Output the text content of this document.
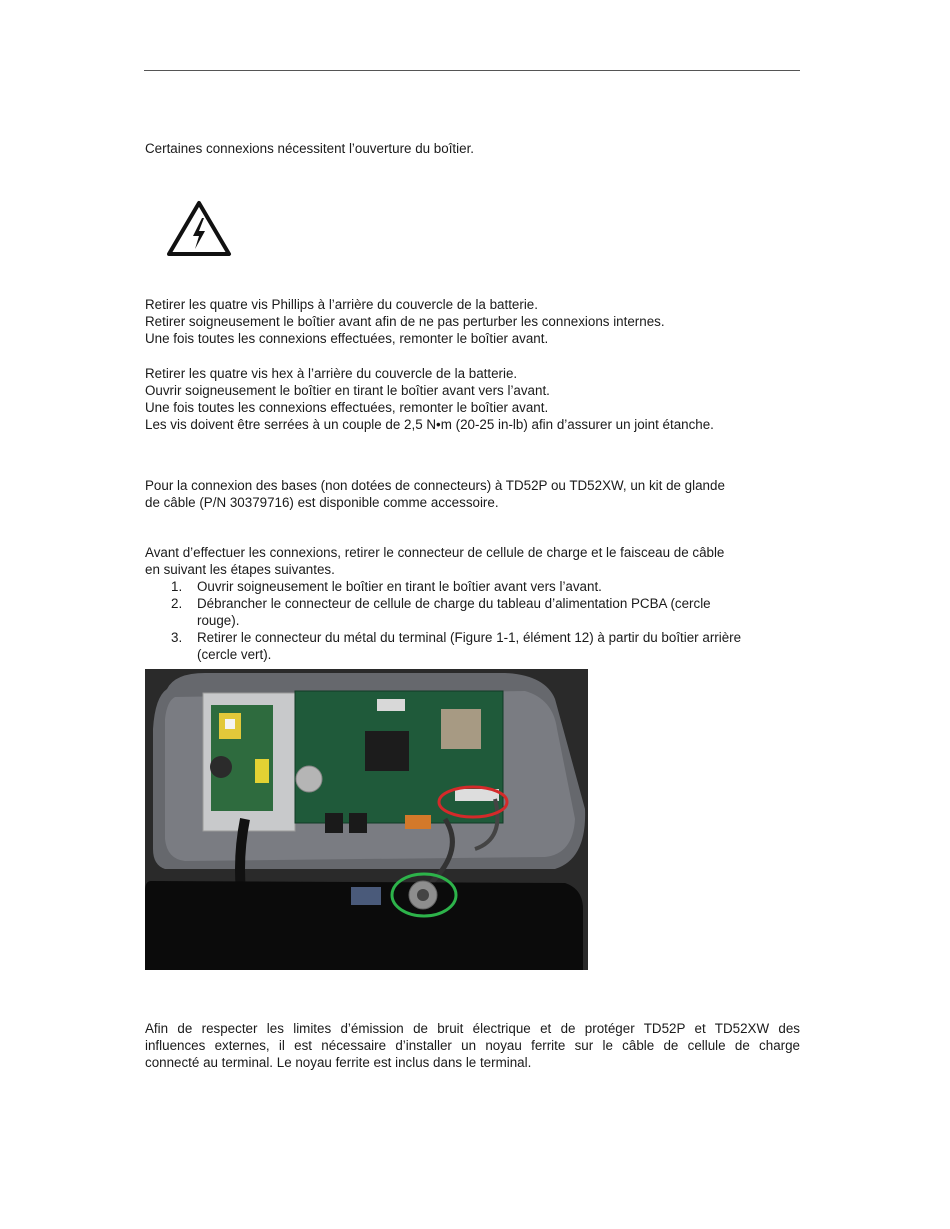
Certaines connexions nécessitent l’ouverture du boîtier.

Retirer les quatre vis Phillips à l’arrière du couvercle de la batterie.
Retirer soigneusement le boîtier avant afin de ne pas perturber les connexions internes.
Une fois toutes les connexions effectuées, remonter le boîtier avant.

Retirer les quatre vis hex à l’arrière du couvercle de la batterie.
Ouvrir soigneusement le boîtier en tirant le boîtier avant vers l’avant.
Une fois toutes les connexions effectuées, remonter le boîtier avant.
Les vis doivent être serrées à un couple de 2,5 N•m (20-25 in-lb) afin d’assurer un joint étanche.

Pour la connexion des bases (non dotées de connecteurs) à TD52P ou TD52XW, un kit de glande
de câble (P/N 30379716) est disponible comme accessoire.

Avant d’effectuer les connexions, retirer le connecteur de cellule de charge et le faisceau de câble
en suivant les étapes suivantes.

1. Ouvrir soigneusement le boîtier en tirant le boîtier avant vers l’avant.
2. Débrancher le connecteur de cellule de charge du tableau d’alimentation PCBA (cercle
rouge).
3. Retirer le connecteur du métal du terminal (Figure 1-1, élément 12) à partir du boîtier arrière
(cercle vert).
Afin de respecter les limites d’émission de bruit électrique et de protéger TD52P et TD52XW des
influences externes, il est nécessaire d’installer un noyau ferrite sur le câble de cellule de charge
connecté au terminal. Le noyau ferrite est inclus dans le terminal.
